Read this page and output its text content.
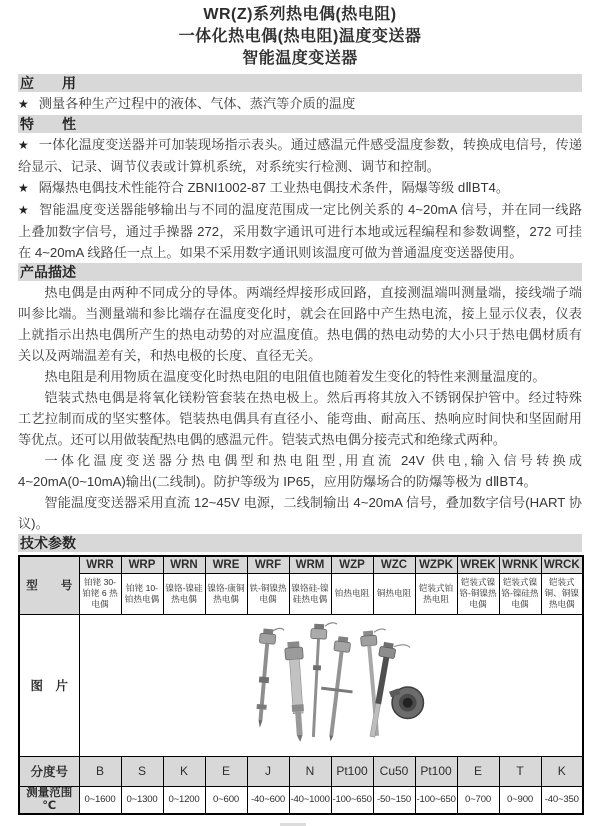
WR(Z)系列热电偶(热电阻)
一体化热电偶(热电阻)温度变送器
智能温度变送器
应　　用

★ 测量各种生产过程中的液体、气体、蒸汽等介质的温度

特　　性

★ 一体化温度变送器并可加装现场指示表头。通过感温元件感受温度参数，转换成电信号，传递给显示、记录、调节仪表或计算机系统，对系统实行检测、调节和控制。

★ 隔爆热电偶技术性能符合 ZBNI1002-87 工业热电偶技术条件，隔爆等级 dⅡBT4。

★ 智能温度变送器能够输出与不同的温度范围成一定比例关系的 4~20mA 信号，并在同一线路上叠加数字信号，通过手操器 272，采用数字通讯可进行本地或远程编程和参数调整，272 可挂在 4~20mA 线路任一点上。如果不采用数字通讯则该温度可做为普通温度变送器使用。

产品描述

热电偶是由两种不同成分的导体。两端经焊接形成回路，直接测温端叫测量端，接线端子端叫参比端。当测量端和参比端存在温度变化时，就会在回路中产生热电流，接上显示仪表，仪表上就指示出热电偶所产生的热电动势的对应温度值。热电偶的热电动势的大小只于热电偶材质有关以及两端温差有关，和热电极的长度、直径无关。

热电阻是利用物质在温度变化时热电阻的电阻值也随着发生变化的特性来测量温度的。

铠装式热电偶是将氧化镁粉管套装在热电极上。然后再将其放入不锈钢保护管中。经过特殊工艺拉制而成的坚实整体。铠装热电偶具有直径小、能弯曲、耐高压、热响应时间快和坚固耐用等优点。还可以用做装配热电偶的感温元件。铠装式热电偶分接壳式和绝缘式两种。

一体化温度变送器分热电偶型和热电阻型,用直流 24V 供电,输入信号转换成 4~20mA(0~10mA)输出(二线制)。防护等级为 IP65，应用防爆场合的防爆等极为 dⅡBT4。

智能温度变送器采用直流 12~45V 电源，二线制输出 4~20mA 信号，叠加数字信号(HART 协议)。

技术参数
型　　号	WRR	WRP	WRN	WRE	WRF	WRM	WZP	WZC	WZPK	WREK	WRNK	WRCK
	铂铑 30-铂铑 6 热电偶	铂铑 10-铂热电偶	镍铬-镍硅热电偶	镍铬-康铜热电偶	铁-铜镍热电偶	镍铬硅-镍硅热电偶	铂热电阻	铜热电阻	铠装式铂热电阻	铠装式镍铬-铜镍热电偶	铠装式镍铬-镍硅热电偶	铠装式铜、铜镍热电偶
图　片	

分度号	B	S	K	E	J	N	Pt100	Cu50	Pt100	E	T	K
测量范围
℃	0~1600	0~1300	0~1200	0~600	-40~600	-40~1000	-100~650	-50~150	-100~650	0~700	0~900	-40~350
